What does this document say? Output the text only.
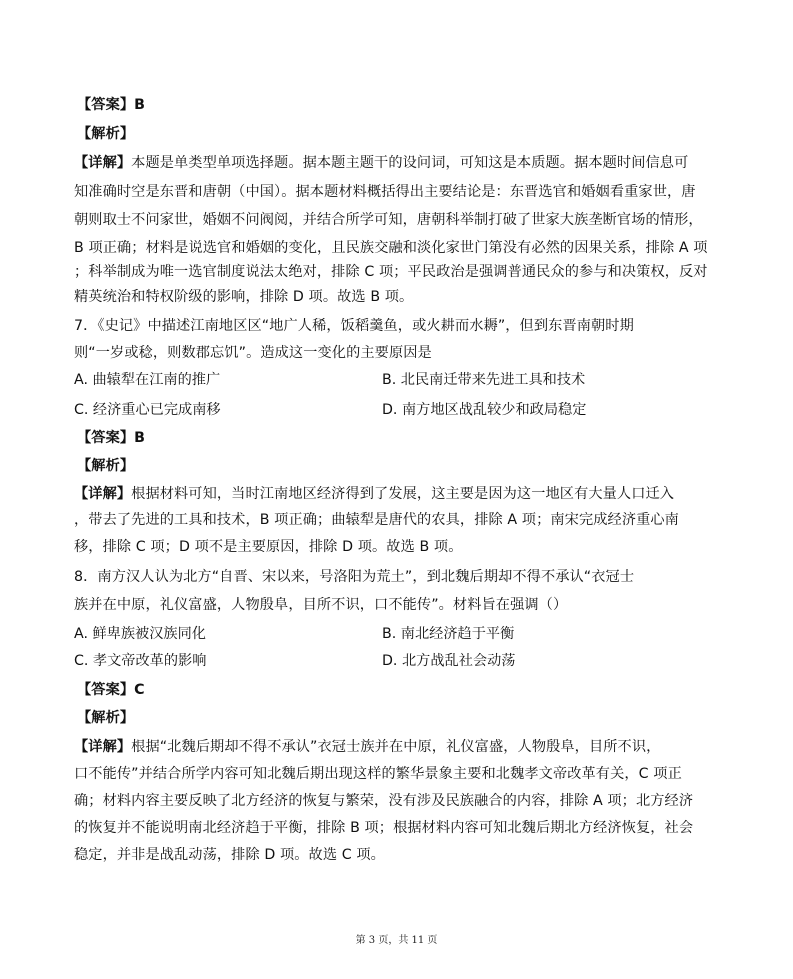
【答案】B
【解析】
【详解】本题是单类型单项选择题。据本题主题干的设问词，可知这是本质题。据本题时间信息可
知准确时空是东晋和唐朝（中国）。据本题材料概括得出主要结论是：东晋选官和婚姻看重家世，唐
朝则取士不问家世，婚姻不问阀阅，并结合所学可知，唐朝科举制打破了世家大族垄断官场的情形，
B 项正确；材料是说选官和婚姻的变化，且民族交融和淡化家世门第没有必然的因果关系，排除 A 项
；科举制成为唯一选官制度说法太绝对，排除 C 项；平民政治是强调普通民众的参与和决策权，反对
精英统治和特权阶级的影响，排除 D 项。故选 B 项。
7．《史记》中描述江南地区区“地广人稀，饭稻羹鱼，或火耕而水耨”，但到东晋南朝时期
则“一岁或稔，则数郡忘饥”。造成这一变化的主要原因是
A. 曲辕犁在江南的推广	B. 北民南迁带来先进工具和技术
C. 经济重心已完成南移	D. 南方地区战乱较少和政局稳定
【答案】B
【解析】
【详解】根据材料可知，当时江南地区经济得到了发展，这主要是因为这一地区有大量人口迁入
，带去了先进的工具和技术，B 项正确；曲辕犁是唐代的农具，排除 A 项；南宋完成经济重心南
移，排除 C 项；D 项不是主要原因，排除 D 项。故选 B 项。
8．南方汉人认为北方“自晋、宋以来，号洛阳为荒土”，到北魏后期却不得不承认“衣冠士
族并在中原，礼仪富盛，人物殷阜，目所不识，口不能传”。材料旨在强调（）
A. 鲜卑族被汉族同化	B. 南北经济趋于平衡
C. 孝文帝改革的影响	D. 北方战乱社会动荡
【答案】C
【解析】
【详解】根据“北魏后期却不得不承认”衣冠士族并在中原，礼仪富盛，人物殷阜，目所不识，
口不能传”并结合所学内容可知北魏后期出现这样的繁华景象主要和北魏孝文帝改革有关，C 项正
确；材料内容主要反映了北方经济的恢复与繁荣，没有涉及民族融合的内容，排除 A 项；北方经济
的恢复并不能说明南北经济趋于平衡，排除 B 项；根据材料内容可知北魏后期北方经济恢复，社会
稳定，并非是战乱动荡，排除 D 项。故选 C 项。
第 3 页，共 11 页
